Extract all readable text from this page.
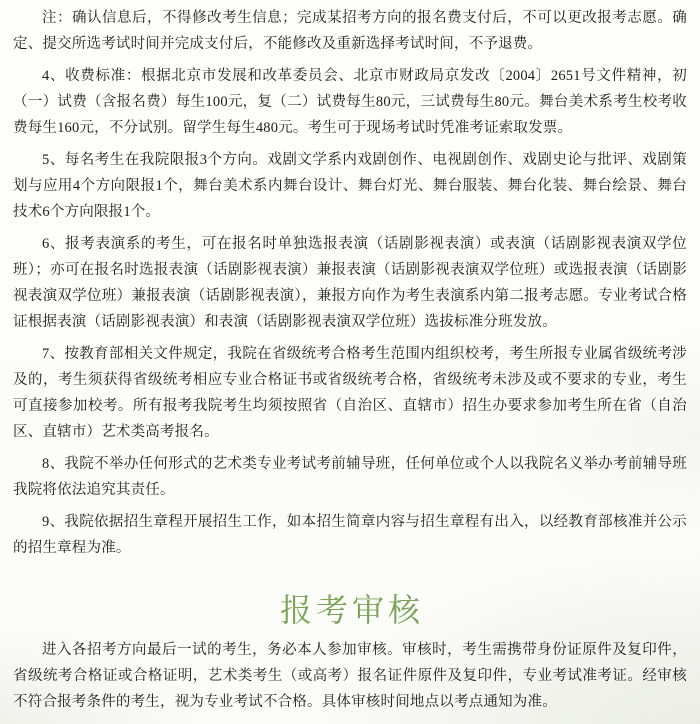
注：确认信息后，不得修改考生信息；完成某招考方向的报名费支付后，不可以更改报考志愿。确定、提交所选考试时间并完成支付后，不能修改及重新选择考试时间，不予退费。

4、收费标准：根据北京市发展和改革委员会、北京市财政局京发改〔2004〕2651号文件精神，初（一）试费（含报名费）每生100元，复（二）试费每生80元，三试费每生80元。舞台美术系考生校考收费每生160元，不分试别。留学生每生480元。考生可于现场考试时凭准考证索取发票。

5、每名考生在我院限报3个方向。戏剧文学系内戏剧创作、电视剧创作、戏剧史论与批评、戏剧策划与应用4个方向限报1个，舞台美术系内舞台设计、舞台灯光、舞台服装、舞台化装、舞台绘景、舞台技术6个方向限报1个。

6、报考表演系的考生，可在报名时单独选报表演（话剧影视表演）或表演（话剧影视表演双学位班）；亦可在报名时选报表演（话剧影视表演）兼报表演（话剧影视表演双学位班）或选报表演（话剧影视表演双学位班）兼报表演（话剧影视表演），兼报方向作为考生表演系内第二报考志愿。专业考试合格证根据表演（话剧影视表演）和表演（话剧影视表演双学位班）选拔标准分班发放。

7、按教育部相关文件规定，我院在省级统考合格考生范围内组织校考，考生所报专业属省级统考涉及的，考生须获得省级统考相应专业合格证书或省级统考合格，省级统考未涉及或不要求的专业，考生可直接参加校考。所有报考我院考生均须按照省（自治区、直辖市）招生办要求参加考生所在省（自治区、直辖市）艺术类高考报名。

8、我院不举办任何形式的艺术类专业考试考前辅导班，任何单位或个人以我院名义举办考前辅导班我院将依法追究其责任。

9、我院依据招生章程开展招生工作，如本招生简章内容与招生章程有出入，以经教育部核准并公示的招生章程为准。

报考审核

进入各招考方向最后一试的考生，务必本人参加审核。审核时，考生需携带身份证原件及复印件，省级统考合格证或合格证明，艺术类考生（或高考）报名证件原件及复印件，专业考试准考证。经审核不符合报考条件的考生，视为专业考试不合格。具体审核时间地点以考点通知为准。
